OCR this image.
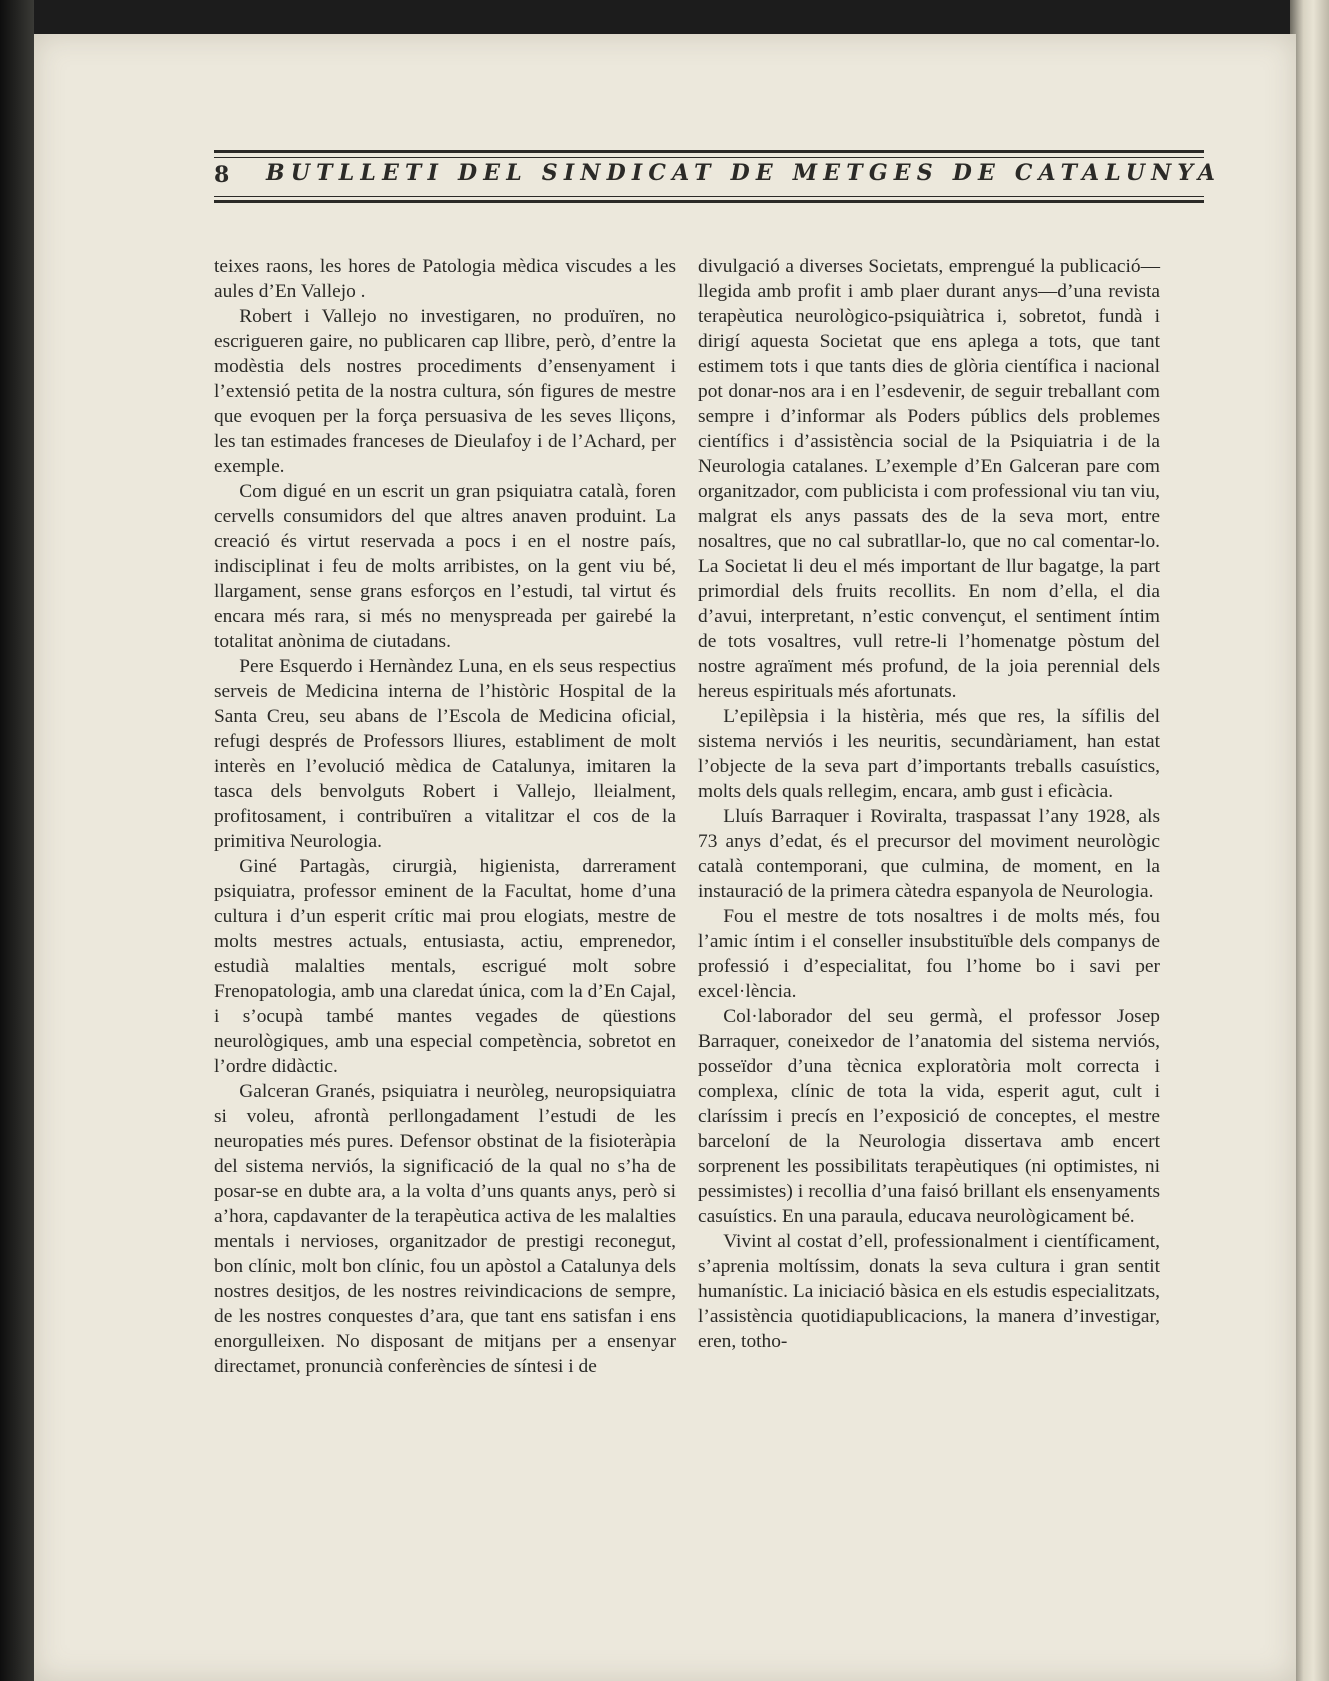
8 BUTLLETI DEL SINDICAT DE METGES DE CATALUNYA

teixes raons, les hores de Patologia mèdica viscudes a les aules d’En Vallejo .

Robert i Vallejo no investigaren, no produïren, no escrigueren gaire, no publicaren cap llibre, però, d’entre la modèstia dels nostres procediments d’ensenyament i l’extensió petita de la nostra cultura, són figures de mestre que evoquen per la força persuasiva de les seves lliçons, les tan estimades franceses de Dieulafoy i de l’Achard, per exemple.

Com digué en un escrit un gran psiquiatra català, foren cervells consumidors del que altres anaven produint. La creació és virtut reservada a pocs i en el nostre país, indisciplinat i feu de molts arribistes, on la gent viu bé, llargament, sense grans esforços en l’estudi, tal virtut és encara més rara, si més no menyspreada per gairebé la totalitat anònima de ciutadans.

Pere Esquerdo i Hernàndez Luna, en els seus respectius serveis de Medicina interna de l’històric Hospital de la Santa Creu, seu abans de l’Escola de Medicina oficial, refugi després de Professors lliures, establiment de molt interès en l’evolució mèdica de Catalunya, imitaren la tasca dels benvolguts Robert i Vallejo, lleialment, profitosament, i contribuïren a vitalitzar el cos de la primitiva Neurologia.

Giné Partagàs, cirurgià, higienista, darrerament psiquiatra, professor eminent de la Facultat, home d’una cultura i d’un esperit crític mai prou elogiats, mestre de molts mestres actuals, entusiasta, actiu, emprenedor, estudià malalties mentals, escrigué molt sobre Frenopatologia, amb una claredat única, com la d’En Cajal, i s’ocupà també mantes vegades de qüestions neurològiques, amb una especial competència, sobretot en l’ordre didàctic.

Galceran Granés, psiquiatra i neuròleg, neuropsiquiatra si voleu, afrontà perllongadament l’estudi de les neuropaties més pures. Defensor obstinat de la fisioteràpia del sistema nerviós, la significació de la qual no s’ha de posar-se en dubte ara, a la volta d’uns quants anys, però si a’hora, capdavanter de la terapèutica activa de les malalties mentals i nervioses, organitzador de prestigi reconegut, bon clínic, molt bon clínic, fou un apòstol a Catalunya dels nostres desitjos, de les nostres reivindicacions de sempre, de les nostres conquestes d’ara, que tant ens satisfan i ens enorgulleixen. No disposant de mitjans per a ensenyar directamet, pronuncià conferències de síntesi i de

divulgació a diverses Societats, emprengué la publicació—llegida amb profit i amb plaer durant anys—d’una revista terapèutica neurològico-psiquiàtrica i, sobretot, fundà i dirigí aquesta Societat que ens aplega a tots, que tant estimem tots i que tants dies de glòria científica i nacional pot donar-nos ara i en l’esdevenir, de seguir treballant com sempre i d’informar als Poders públics dels problemes científics i d’assistència social de la Psiquiatria i de la Neurologia catalanes. L’exemple d’En Galceran pare com organitzador, com publicista i com professional viu tan viu, malgrat els anys passats des de la seva mort, entre nosaltres, que no cal subratllar-lo, que no cal comentar-lo. La Societat li deu el més important de llur bagatge, la part primordial dels fruits recollits. En nom d’ella, el dia d’avui, interpretant, n’estic convençut, el sentiment íntim de tots vosaltres, vull retre-li l’homenatge pòstum del nostre agraïment més profund, de la joia perennial dels hereus espirituals més afortunats.

L’epilèpsia i la histèria, més que res, la sífilis del sistema nerviós i les neuritis, secundàriament, han estat l’objecte de la seva part d’importants treballs casuístics, molts dels quals rellegim, encara, amb gust i eficàcia.

Lluís Barraquer i Roviralta, traspassat l’any 1928, als 73 anys d’edat, és el precursor del moviment neurològic català contemporani, que culmina, de moment, en la instauració de la primera càtedra espanyola de Neurologia.

Fou el mestre de tots nosaltres i de molts més, fou l’amic íntim i el conseller insubstituïble dels companys de professió i d’especialitat, fou l’home bo i savi per excel·lència.

Col·laborador del seu germà, el professor Josep Barraquer, coneixedor de l’anatomia del sistema nerviós, posseïdor d’una tècnica exploratòria molt correcta i complexa, clínic de tota la vida, esperit agut, cult i claríssim i precís en l’exposició de conceptes, el mestre barceloní de la Neurologia dissertava amb encert sorprenent les possibilitats terapèutiques (ni optimistes, ni pessimistes) i recollia d’una faisó brillant els ensenyaments casuístics. En una paraula, educava neurològicament bé.

Vivint al costat d’ell, professionalment i científicament, s’aprenia moltíssim, donats la seva cultura i gran sentit humanístic. La iniciació bàsica en els estudis especialitzats, l’assistència quotidiapublicacions, la manera d’investigar, eren, totho-
